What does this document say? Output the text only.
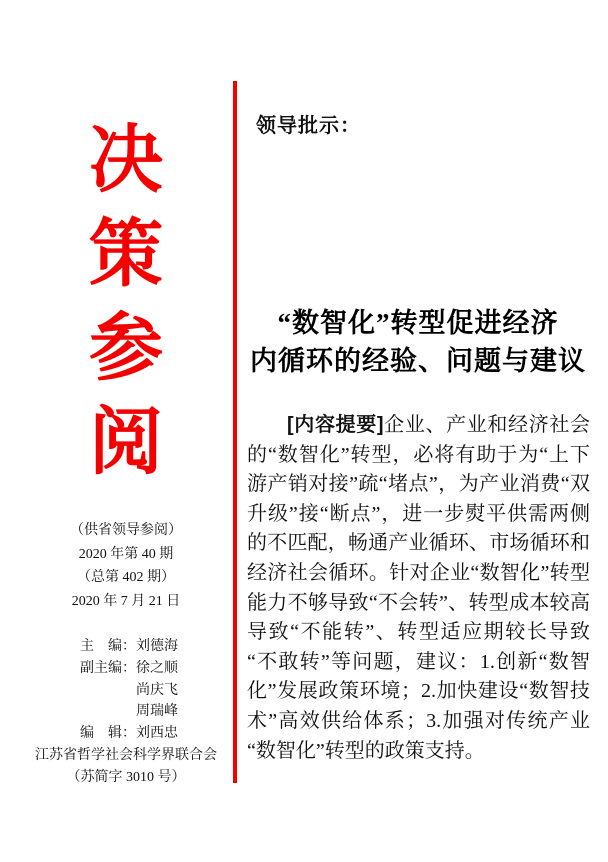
决
策
参
阅
（供省领导参阅）
2020 年第 40 期
（总第 402 期）
2020 年 7 月 21 日
主　编： 刘德海
副主编： 徐之顺
尚庆飞
周瑞峰
编　辑： 刘西忠
江苏省哲学社会科学界联合会
（苏简字 3010 号）
领导批示：
“数智化”转型促进经济
内循环的经验、问题与建议

[内容提要]企业、产业和经济社会的“数智化”转型，必将有助于为“上下游产销对接”疏“堵点”，为产业消费“双升级”接“断点”，进一步熨平供需两侧的不匹配，畅通产业循环、市场循环和经济社会循环。针对企业“数智化”转型能力不够导致“不会转”、转型成本较高导致“不能转”、转型适应期较长导致“不敢转”等问题，建议：1.创新“数智化”发展政策环境；2.加快建设“数智技术”高效供给体系；3.加强对传统产业“数智化”转型的政策支持。
